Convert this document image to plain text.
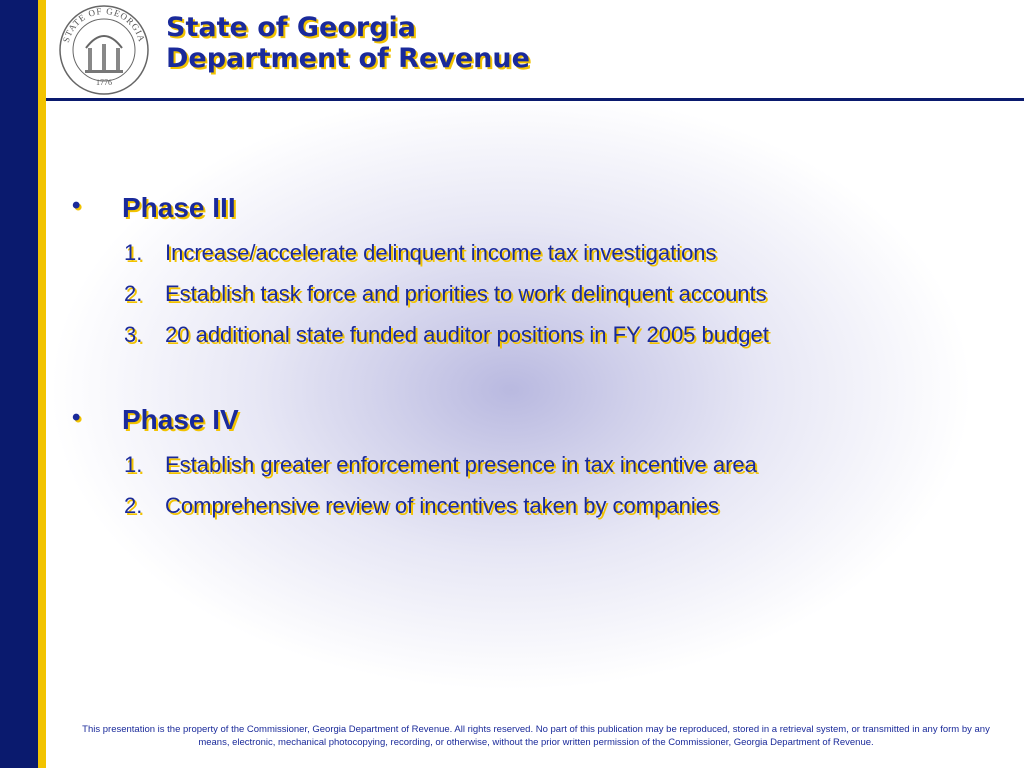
STATE OF GEORGIA
1776
State of Georgia
Department of Revenue
• Phase III
1. Increase/accelerate delinquent income tax investigations
2. Establish task force and priorities to work delinquent accounts
3. 20 additional state funded auditor positions in FY 2005 budget
• Phase IV
1. Establish greater enforcement presence in tax incentive area
2. Comprehensive review of incentives taken by companies
This presentation is the property of the Commissioner, Georgia Department of Revenue. All rights reserved. No part of this publication may be reproduced, stored in a retrieval system, or transmitted in any form by any
means, electronic, mechanical photocopying, recording, or otherwise, without the prior written permission of the Commissioner, Georgia Department of Revenue.
